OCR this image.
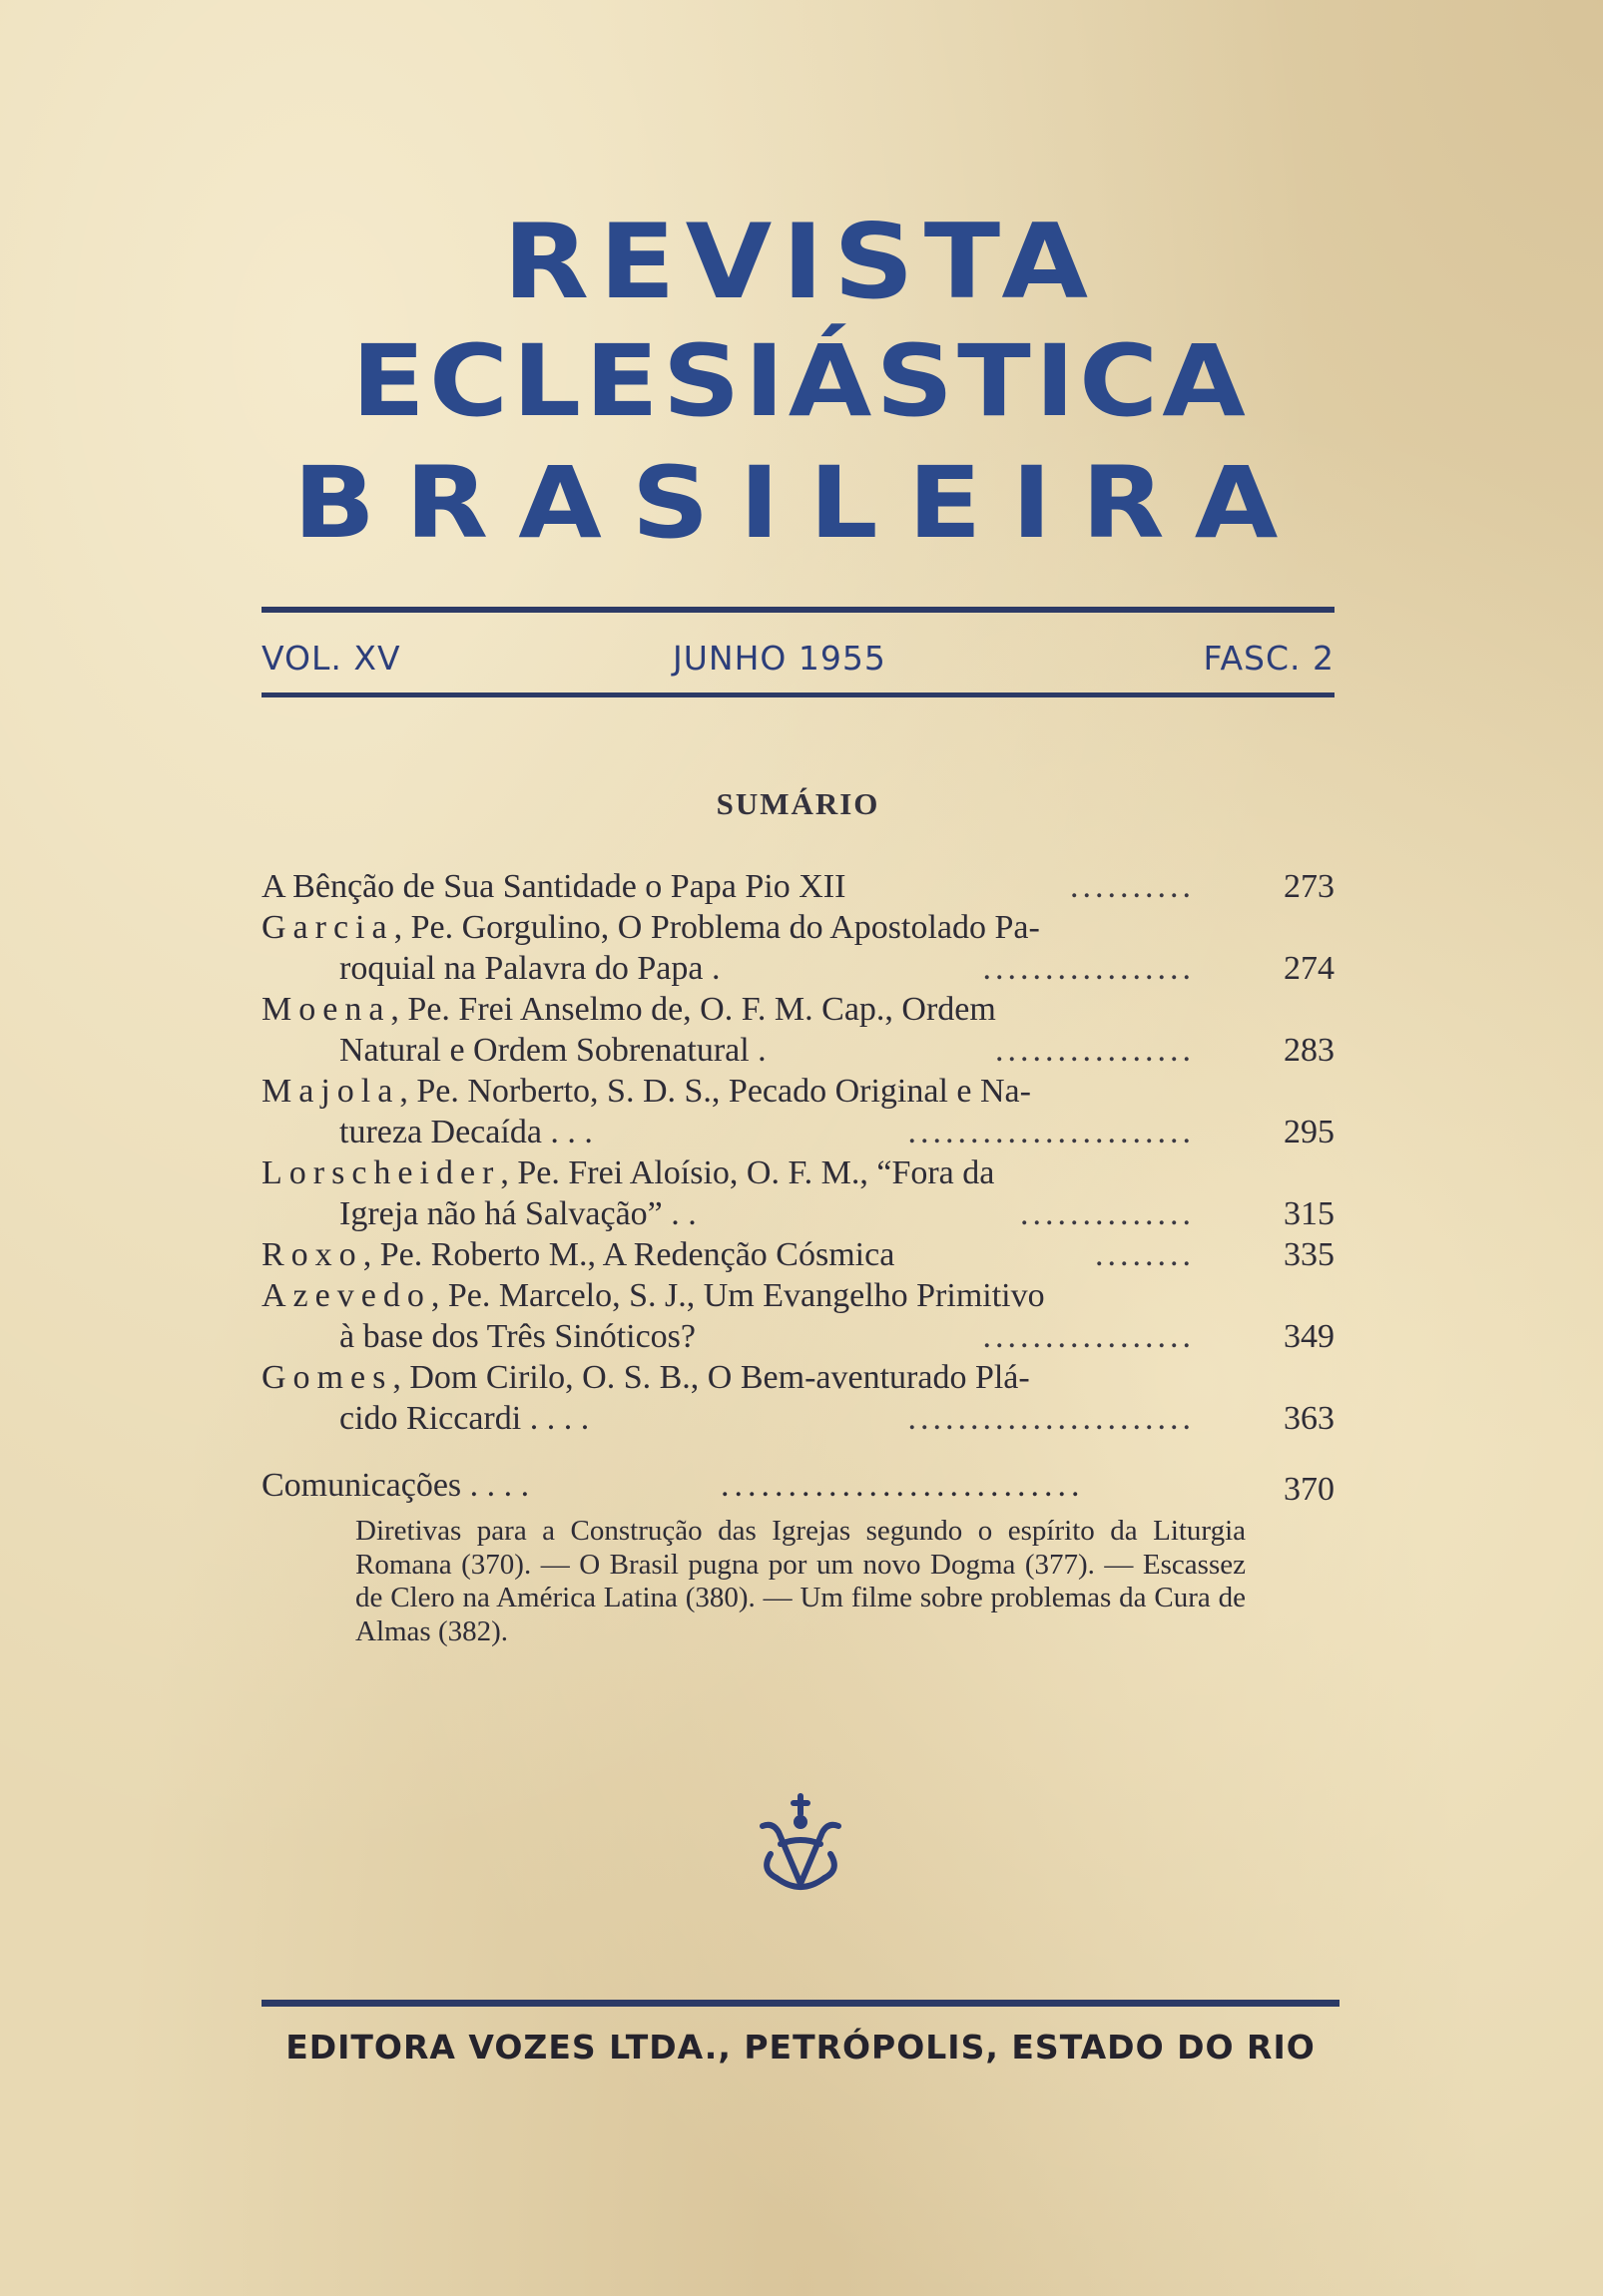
REVISTA
ECLESIÁSTICA
BRASILEIRA
VOL. XV	JUNHO 1955	FASC. 2
SUMÁRIO
A Bênção de Sua Santidade o Papa Pio XII	..........	273
Garcia, Pe. Gorgulino, O Problema do Apostolado Pa-
roquial na Palavra do Papa .	.................	274
Moena, Pe. Frei Anselmo de, O. F. M. Cap., Ordem
Natural e Ordem Sobrenatural .	................	283
Majola, Pe. Norberto, S. D. S., Pecado Original e Na-
tureza Decaída . . .	.......................	295
Lorscheider, Pe. Frei Aloísio, O. F. M., “Fora da
Igreja não há Salvação” . .	..............	315
Roxo, Pe. Roberto M., A Redenção Cósmica	........	335
Azevedo, Pe. Marcelo, S. J., Um Evangelho Primitivo
à base dos Três Sinóticos?	.................	349
Gomes, Dom Cirilo, O. S. B., O Bem-aventurado Plá-
cido Riccardi . . . .	.......................	363
Comunicações . . . .	...........................	370
Diretivas para a Construção das Igrejas segundo o espírito da Liturgia Romana (370). — O Brasil pugna por um novo Dogma (377). — Escassez de Clero na América Latina (380). — Um filme sobre problemas da Cura de Almas (382).

EDITORA VOZES LTDA., PETRÓPOLIS, ESTADO DO RIO
